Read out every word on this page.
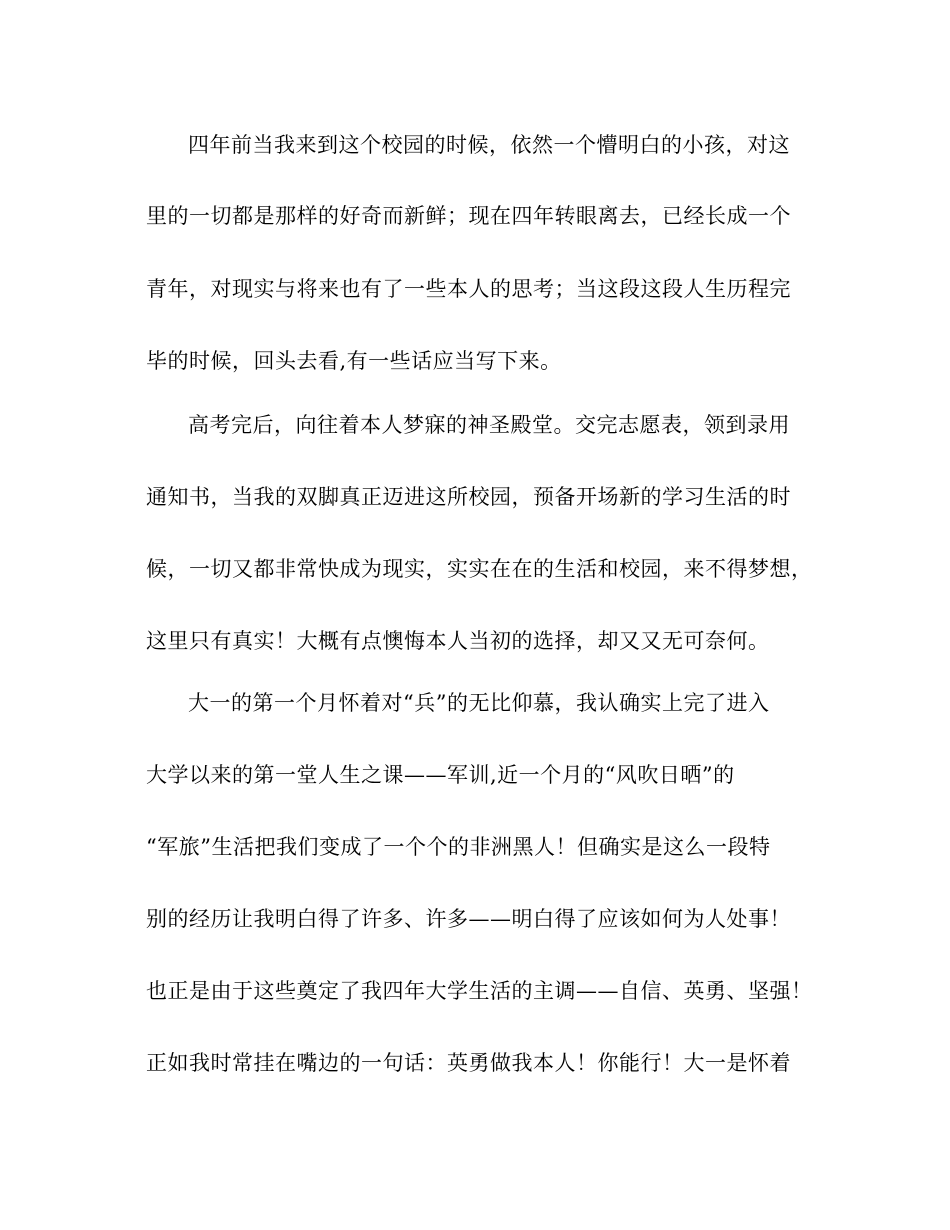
四年前当我来到这个校园的时候，依然一个懵明白的小孩，对这

里的一切都是那样的好奇而新鲜；现在四年转眼离去，已经长成一个

青年，对现实与将来也有了一些本人的思考；当这段这段人生历程完

毕的时候，回头去看,有一些话应当写下来。

高考完后，向往着本人梦寐的神圣殿堂。交完志愿表，领到录用

通知书，当我的双脚真正迈进这所校园，预备开场新的学习生活的时

候，一切又都非常快成为现实，实实在在的生活和校园，来不得梦想，

这里只有真实！大概有点懊悔本人当初的选择，却又又无可奈何。

大一的第一个月怀着对“兵”的无比仰慕，我认确实上完了进入

大学以来的第一堂人生之课——军训,近一个月的“风吹日晒”的

“军旅”生活把我们变成了一个个的非洲黑人！但确实是这么一段特

别的经历让我明白得了许多、许多——明白得了应该如何为人处事！

也正是由于这些奠定了我四年大学生活的主调——自信、英勇、坚强！

正如我时常挂在嘴边的一句话：英勇做我本人！你能行！大一是怀着
